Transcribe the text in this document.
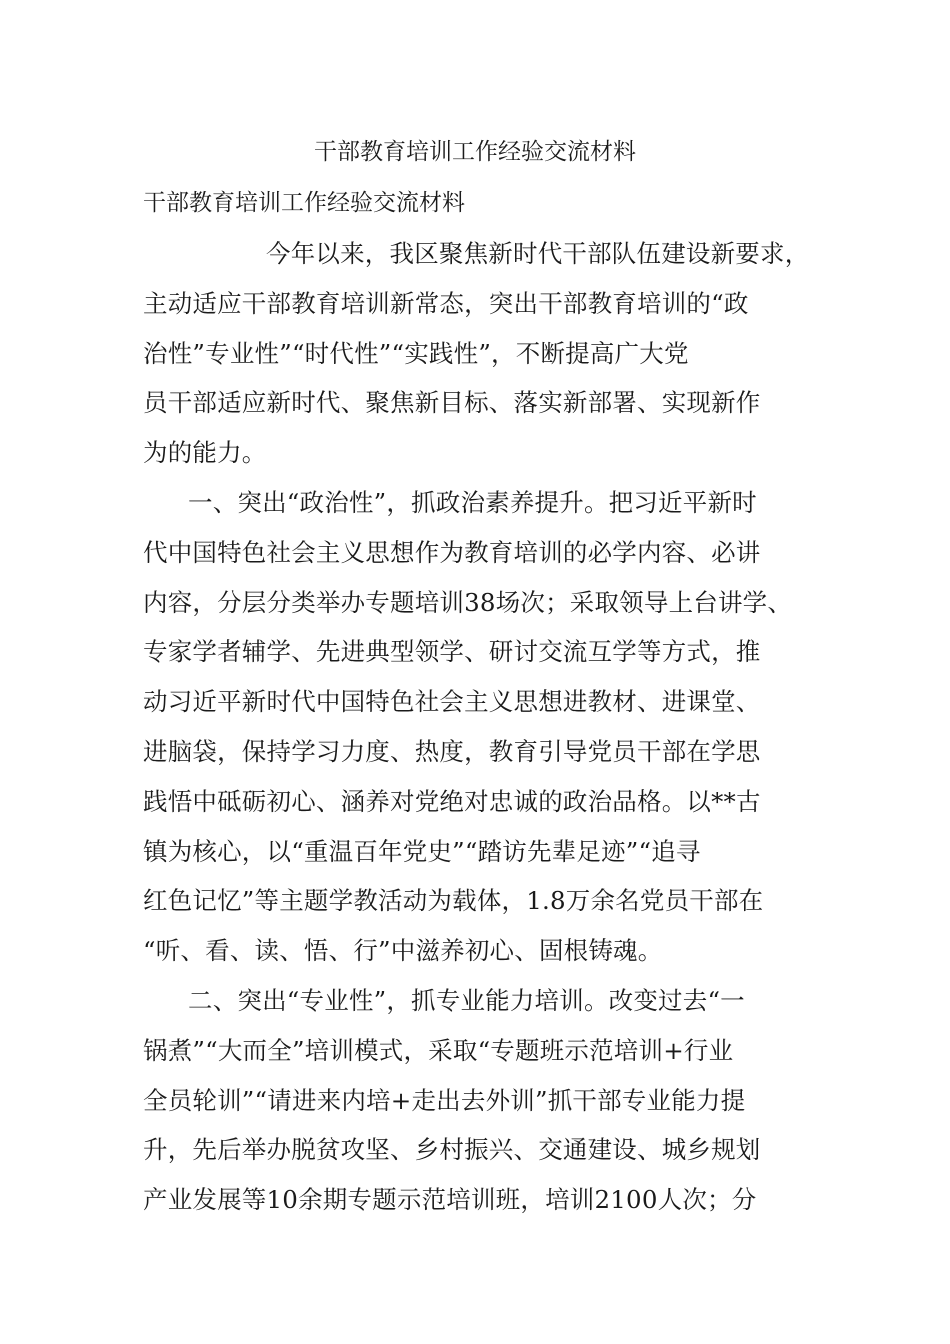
干部教育培训工作经验交流材料
干部教育培训工作经验交流材料
今年以来，我区聚焦新时代干部队伍建设新要求，
主动适应干部教育培训新常态，突出干部教育培训的“政
治性”专业性”“时代性”“实践性”，不断提高广大党
员干部适应新时代、聚焦新目标、落实新部署、实现新作
为的能力。
一、突出“政治性”，抓政治素养提升。把习近平新时
代中国特色社会主义思想作为教育培训的必学内容、必讲
内容，分层分类举办专题培训38场次；采取领导上台讲学、
专家学者辅学、先进典型领学、研讨交流互学等方式，推
动习近平新时代中国特色社会主义思想进教材、进课堂、
进脑袋，保持学习力度、热度，教育引导党员干部在学思
践悟中砥砺初心、涵养对党绝对忠诚的政治品格。以**古
镇为核心，以“重温百年党史”“踏访先辈足迹”“追寻
红色记忆”等主题学教活动为载体，1.8万余名党员干部在
“听、看、读、悟、行”中滋养初心、固根铸魂。
二、突出“专业性”，抓专业能力培训。改变过去“一
锅煮”“大而全”培训模式，采取“专题班示范培训+行业
全员轮训”“请进来内培+走出去外训”抓干部专业能力提
升，先后举办脱贫攻坚、乡村振兴、交通建设、城乡规划
产业发展等10余期专题示范培训班，培训2100人次；分
